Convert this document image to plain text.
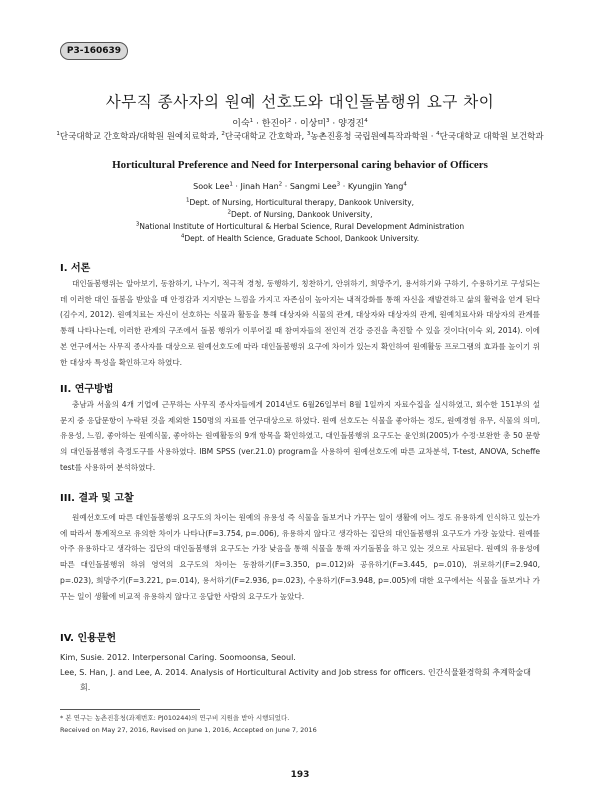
P3-160639
사무직 종사자의 원예 선호도와 대인돌봄행위 요구 차이
이숙$^1$ · 한진아$^2$ · 이상미$^3$ · 양경진$^4$
$^1$단국대학교 간호학과/대학원 원예치료학과, $^2$단국대학교 간호학과, $^3$농촌진흥청 국립원예특작과학원 · $^4$단국대학교 대학원 보건학과
Horticultural Preference and Need for Interpersonal caring behavior of Officers
Sook Lee$^1$ · Jinah Han$^2$ · Sangmi Lee$^3$ · Kyungjin Yang$^4$
$^1$Dept. of Nursing, Horticultural therapy, Dankook University,
$^2$Dept. of Nursing, Dankook University,
$^3$National Institute of Horticultural & Herbal Science, Rural Development Administration
$^4$Dept. of Health Science, Graduate School, Dankook University.
I. 서론

대인돌봄행위는 알아보기, 동참하기, 나누기, 적극적 경청, 동행하기, 칭찬하기, 안위하기, 희망주기, 용서하기와 구하기, 수용하기로 구성되는데 이러한 대인 돌봄을 받았을 때 안정감과 지지받는 느낌을 가지고 자존심이 높아지는 내적강화를 통해 자신을 재발견하고 삶의 활력을 얻게 된다 (김수지, 2012). 원예치료는 자신이 선호하는 식물과 활동을 통해 대상자와 식물의 관계, 대상자와 대상자의 관계, 원예치료사와 대상자의 관계를 통해 나타나는데, 이러한 관계의 구조에서 돌봄 행위가 이루어질 때 참여자들의 전인적 건강 증진을 촉진할 수 있을 것이다(이숙 외, 2014). 이에 본 연구에서는 사무직 종사자를 대상으로 원예선호도에 따라 대인돌봄행위 요구에 차이가 있는지 확인하여 원예활동 프로그램의 효과를 높이기 위한 대상자 특성을 확인하고자 하였다.

II. 연구방법

충남과 서울의 4개 기업에 근무하는 사무직 종사자들에게 2014년도 6월26일부터 8월 1일까지 자료수집을 실시하였고, 회수한 151부의 설문지 중 응답문항이 누락된 것을 제외한 150명의 자료를 연구대상으로 하였다. 원예 선호도는 식물을 좋아하는 정도, 원예경험 유무, 식물의 의미, 유용성, 느낌, 좋아하는 원예식물, 좋아하는 원예활동의 9개 항목을 확인하였고, 대인돌봄행위 요구도는 윤인희(2005)가 수정·보완한 총 50 문항의 대인돌봄행위 측정도구를 사용하였다. IBM SPSS (ver.21.0) program을 사용하여 원예선호도에 따른 교차분석, T-test, ANOVA, Scheffe test를 사용하여 분석하였다.

III. 결과 및 고찰

원예선호도에 따른 대인돌봄행위 요구도의 차이는 원예의 유용성 즉 식물을 돌보거나 가꾸는 일이 생활에 어느 정도 유용하게 인식하고 있는가에 따라서 통계적으로 유의한 차이가 나타나(F=3.754, p=.006), 유용하지 않다고 생각하는 집단의 대인돌봄행위 요구도가 가장 높았다. 원예를 아주 유용하다고 생각하는 집단의 대인돌봄행위 요구도는 가장 낮음을 통해 식물을 통해 자기돌봄을 하고 있는 것으로 사료된다. 원예의 유용성에 따른 대인돌봄행위 하위 영역의 요구도의 차이는 동참하기(F=3.350, p=.012)와 공유하기(F=3.445, p=.010), 위로하기(F=2.940, p=.023), 희망주기(F=3.221, p=.014), 용서하기(F=2.936, p=.023), 수용하기(F=3.948, p=.005)에 대한 요구에서는 식물을 돌보거나 가꾸는 일이 생활에 비교적 유용하지 않다고 응답한 사람의 요구도가 높았다.

IV. 인용문헌
Kim, Susie. 2012. Interpersonal Caring. Soomoonsa, Seoul.
Lee, S. Han, J. and Lee, A. 2014. Analysis of Horticultural Activity and Job stress for officers. 인간식물환경학회 추계학술대회.
* 본 연구는 농촌진흥청(과제번호: PJ010244)의 연구비 지원을 받아 시행되었다.
Received on May 27, 2016, Revised on June 1, 2016, Accepted on June 7, 2016
193
